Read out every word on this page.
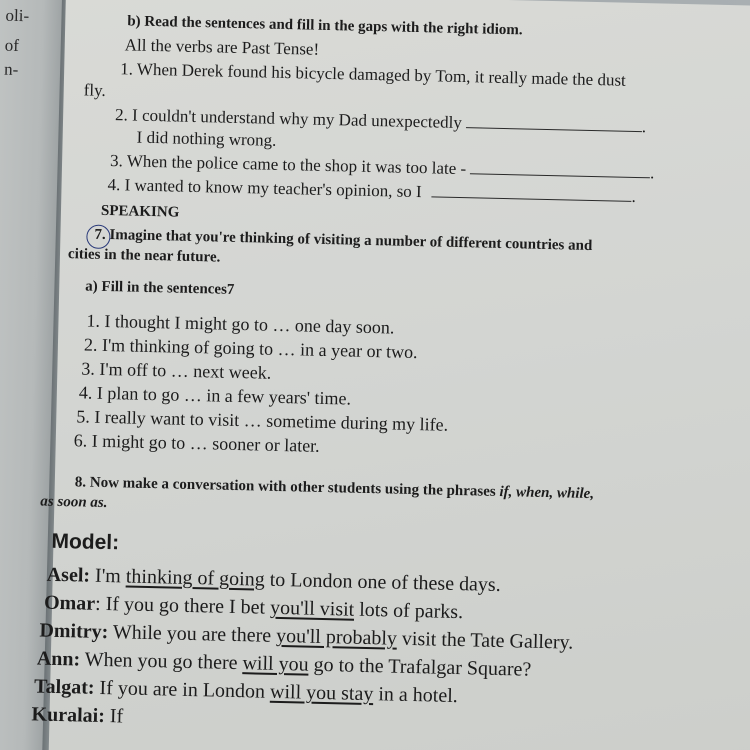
oli-
of
n-
b) Read the sentences and fill in the gaps with the right idiom.
All the verbs are Past Tense!
1. When Derek found his bicycle damaged by Tom, it really made the dust
fly.
2. I couldn't understand why my Dad unexpectedly	.
I did nothing wrong.
3. When the police came to the shop it was too late -	.
4. I wanted to know my teacher's opinion, so I	.
SPEAKING
7. Imagine that you're thinking of visiting a number of different countries and
cities in the near future.
a) Fill in the sentences7
1. I thought I might go to … one day soon.
2. I'm thinking of going to … in a year or two.
3. I'm off to … next week.
4. I plan to go … in a few years' time.
5. I really want to visit … sometime during my life.
6. I might go to … sooner or later.
8. Now make a conversation with other students using the phrases if, when, while,
as soon as.
Model:
Asel: I'm thinking of going to London one of these days.
Omar: If you go there I bet you'll visit lots of parks.
Dmitry: While you are there you'll probably visit the Tate Gallery.
Ann: When you go there will you go to the Trafalgar Square?
Talgat: If you are in London will you stay in a hotel.
Kuralai: If
